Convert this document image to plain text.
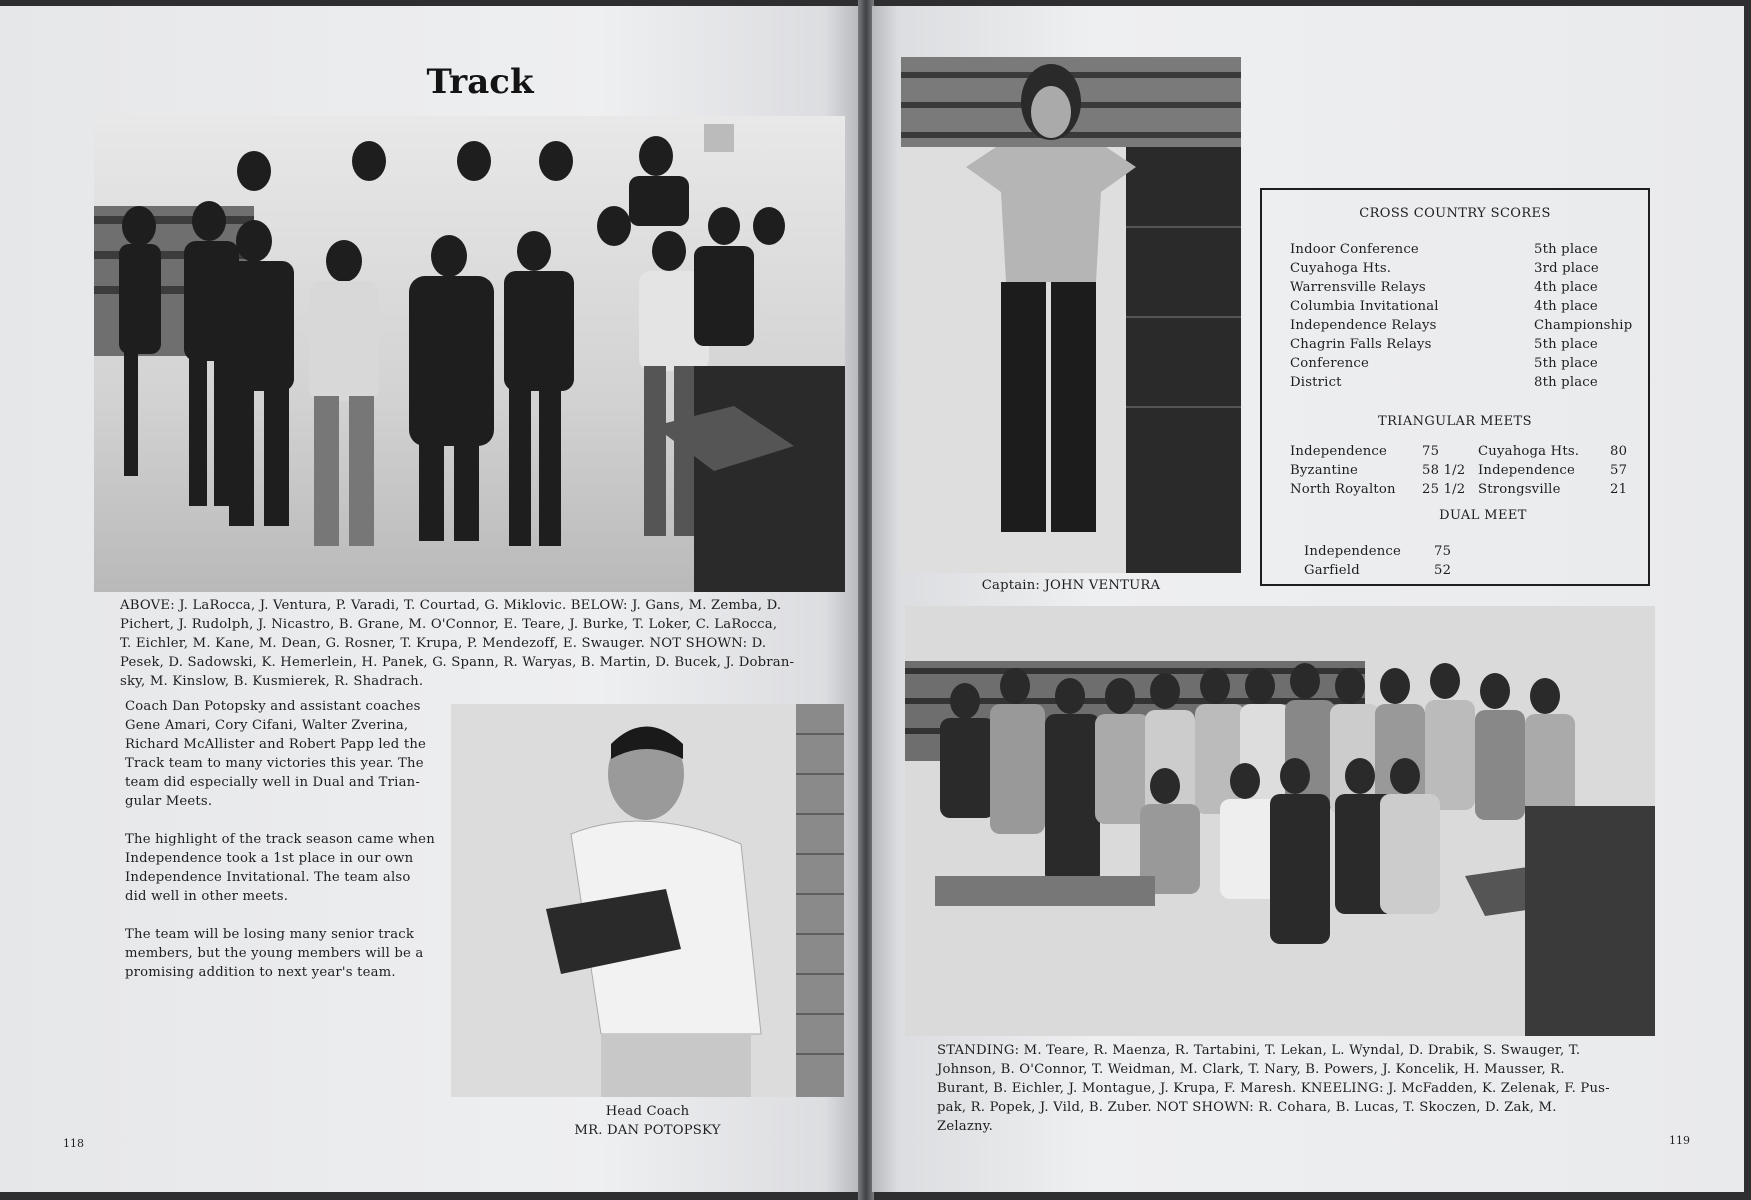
Track
ABOVE: J. LaRocca, J. Ventura, P. Varadi, T. Courtad, G. Miklovic. BELOW: J. Gans, M. Zemba, D.
Pichert, J. Rudolph, J. Nicastro, B. Grane, M. O'Connor, E. Teare, J. Burke, T. Loker, C. LaRocca,
T. Eichler, M. Kane, M. Dean, G. Rosner, T. Krupa, P. Mendezoff, E. Swauger. NOT SHOWN: D.
Pesek, D. Sadowski, K. Hemerlein, H. Panek, G. Spann, R. Waryas, B. Martin, D. Bucek, J. Dobran-
sky, M. Kinslow, B. Kusmierek, R. Shadrach.

Coach Dan Potopsky and assistant coaches
Gene Amari, Cory Cifani, Walter Zverina,
Richard McAllister and Robert Papp led the
Track team to many victories this year. The
team did especially well in Dual and Trian-
gular Meets.

The highlight of the track season came when
Independence took a 1st place in our own
Independence Invitational. The team also
did well in other meets.

The team will be losing many senior track
members, but the young members will be a
promising addition to next year's team.

Head Coach
MR. DAN POTOPSKY
118
Captain: JOHN VENTURA
CROSS COUNTRY SCORES
Indoor Conference	5th place
Cuyahoga Hts.	3rd place
Warrensville Relays	4th place
Columbia Invitational	4th place
Independence Relays	Championship
Chagrin Falls Relays	5th place
Conference	5th place
District	8th place
TRIANGULAR MEETS
Independence	75	Cuyahoga Hts. 80
Byzantine	58 1/2 Independence	57
North Royalton 25 1/2 Strongsville	21
DUAL MEET
Independence 75
Garfield	52
STANDING: M. Teare, R. Maenza, R. Tartabini, T. Lekan, L. Wyndal, D. Drabik, S. Swauger, T.
Johnson, B. O'Connor, T. Weidman, M. Clark, T. Nary, B. Powers, J. Koncelik, H. Mausser, R.
Burant, B. Eichler, J. Montague, J. Krupa, F. Maresh. KNEELING: J. McFadden, K. Zelenak, F. Pus-
pak, R. Popek, J. Vild, B. Zuber. NOT SHOWN: R. Cohara, B. Lucas, T. Skoczen, D. Zak, M.
Zelazny.
119
